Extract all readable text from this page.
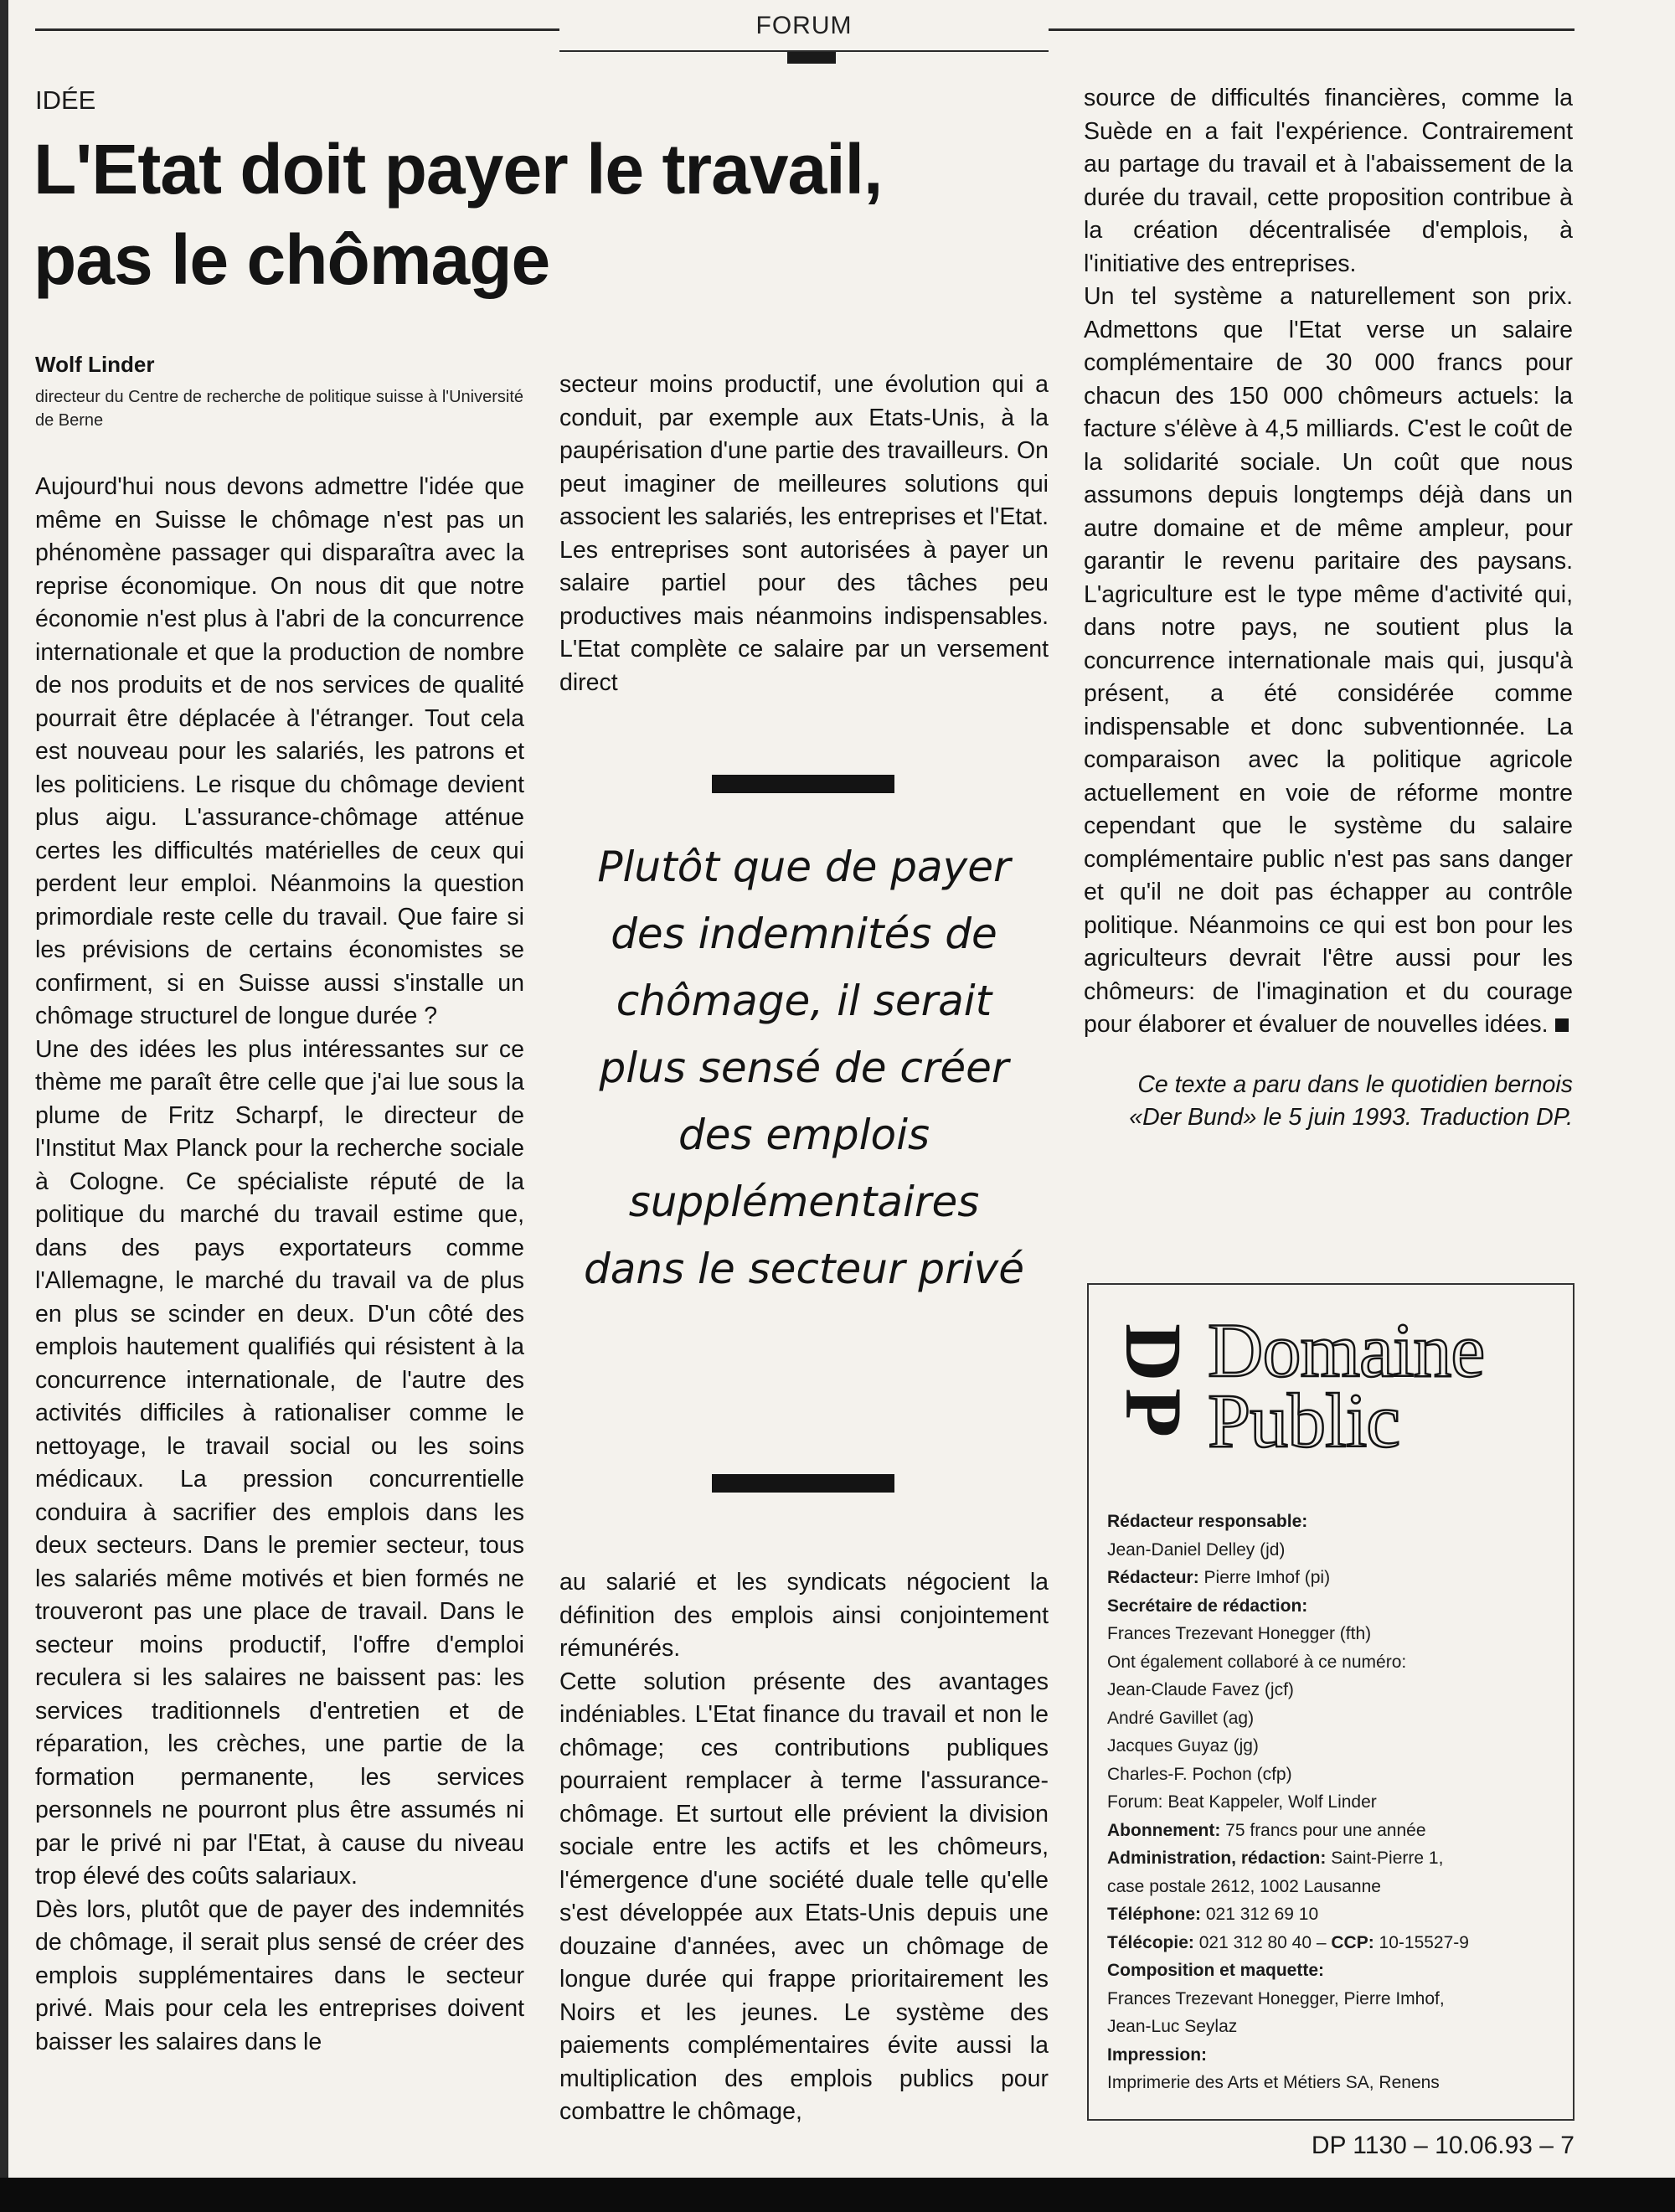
FORUM
IDÉE
L'Etat doit payer le travail,
pas le chômage
Wolf Linder
directeur du Centre de recherche de politique suisse à l'Université de Berne

Aujourd'hui nous devons admettre l'idée que même en Suisse le chômage n'est pas un phénomène passager qui disparaîtra avec la reprise économique. On nous dit que notre économie n'est plus à l'abri de la concurrence internationale et que la production de nombre de nos produits et de nos services de qualité pourrait être déplacée à l'étranger. Tout cela est nouveau pour les salariés, les patrons et les politiciens. Le risque du chômage devient plus aigu. L'assurance-chômage atténue certes les difficultés matérielles de ceux qui perdent leur emploi. Néanmoins la question primordiale reste celle du travail. Que faire si les prévisions de certains économistes se confirment, si en Suisse aussi s'installe un chômage structurel de longue durée ?

Une des idées les plus intéressantes sur ce thème me paraît être celle que j'ai lue sous la plume de Fritz Scharpf, le directeur de l'Institut Max Planck pour la recherche sociale à Cologne. Ce spécialiste réputé de la politique du marché du travail estime que, dans des pays exportateurs comme l'Allemagne, le marché du travail va de plus en plus se scinder en deux. D'un côté des emplois hautement qualifiés qui résistent à la concurrence internationale, de l'autre des activités difficiles à rationaliser comme le nettoyage, le travail social ou les soins médicaux. La pression concurrentielle conduira à sacrifier des emplois dans les deux secteurs. Dans le premier secteur, tous les salariés même motivés et bien formés ne trouveront pas une place de travail. Dans le secteur moins productif, l'offre d'emploi reculera si les salaires ne baissent pas: les services traditionnels d'entretien et de réparation, les crèches, une partie de la formation permanente, les services personnels ne pourront plus être assumés ni par le privé ni par l'Etat, à cause du niveau trop élevé des coûts salariaux.

Dès lors, plutôt que de payer des indemnités de chômage, il serait plus sensé de créer des emplois supplémentaires dans le secteur privé. Mais pour cela les entreprises doivent baisser les salaires dans le

secteur moins productif, une évolution qui a conduit, par exemple aux Etats-Unis, à la paupérisation d'une partie des travailleurs. On peut imaginer de meilleures solutions qui associent les salariés, les entreprises et l'Etat. Les entreprises sont autorisées à payer un salaire partiel pour des tâches peu productives mais néanmoins indispensables. L'Etat complète ce salaire par un versement direct

Plutôt que de payer des indemnités de chômage, il serait plus sensé de créer des emplois supplémentaires dans le secteur privé

au salarié et les syndicats négocient la définition des emplois ainsi conjointement rémunérés.

Cette solution présente des avantages indéniables. L'Etat finance du travail et non le chômage; ces contributions publiques pourraient remplacer à terme l'assurance-chômage. Et surtout elle prévient la division sociale entre les actifs et les chômeurs, l'émergence d'une société duale telle qu'elle s'est développée aux Etats-Unis depuis une douzaine d'années, avec un chômage de longue durée qui frappe prioritairement les Noirs et les jeunes. Le système des paiements complémentaires évite aussi la multiplication des emplois publics pour combattre le chômage,

source de difficultés financières, comme la Suède en a fait l'expérience. Contrairement au partage du travail et à l'abaissement de la durée du travail, cette proposition contribue à la création décentralisée d'emplois, à l'initiative des entreprises.

Un tel système a naturellement son prix. Admettons que l'Etat verse un salaire complémentaire de 30 000 francs pour chacun des 150 000 chômeurs actuels: la facture s'élève à 4,5 milliards. C'est le coût de la solidarité sociale. Un coût que nous assumons depuis longtemps déjà dans un autre domaine et de même ampleur, pour garantir le revenu paritaire des paysans. L'agriculture est le type même d'activité qui, dans notre pays, ne soutient plus la concurrence internationale mais qui, jusqu'à présent, a été considérée comme indispensable et donc subventionnée. La comparaison avec la politique agricole actuellement en voie de réforme montre cependant que le système du salaire complémentaire public n'est pas sans danger et qu'il ne doit pas échapper au contrôle politique. Néanmoins ce qui est bon pour les agriculteurs devrait l'être aussi pour les chômeurs: de l'imagination et du courage pour élaborer et évaluer de nouvelles idées.

Ce texte a paru dans le quotidien bernois «Der Bund» le 5 juin 1993. Traduction DP.

DP Domaine
Public
Rédacteur responsable:
Jean-Daniel Delley (jd)
Rédacteur: Pierre Imhof (pi)
Secrétaire de rédaction:
Frances Trezevant Honegger (fth)
Ont également collaboré à ce numéro:
Jean-Claude Favez (jcf)
André Gavillet (ag)
Jacques Guyaz (jg)
Charles-F. Pochon (cfp)
Forum: Beat Kappeler, Wolf Linder
Abonnement: 75 francs pour une année
Administration, rédaction: Saint-Pierre 1,
case postale 2612, 1002 Lausanne
Téléphone: 021 312 69 10
Télécopie: 021 312 80 40 – CCP: 10-15527-9
Composition et maquette:
Frances Trezevant Honegger, Pierre Imhof,
Jean-Luc Seylaz
Impression:
Imprimerie des Arts et Métiers SA, Renens
DP 1130 – 10.06.93 – 7
